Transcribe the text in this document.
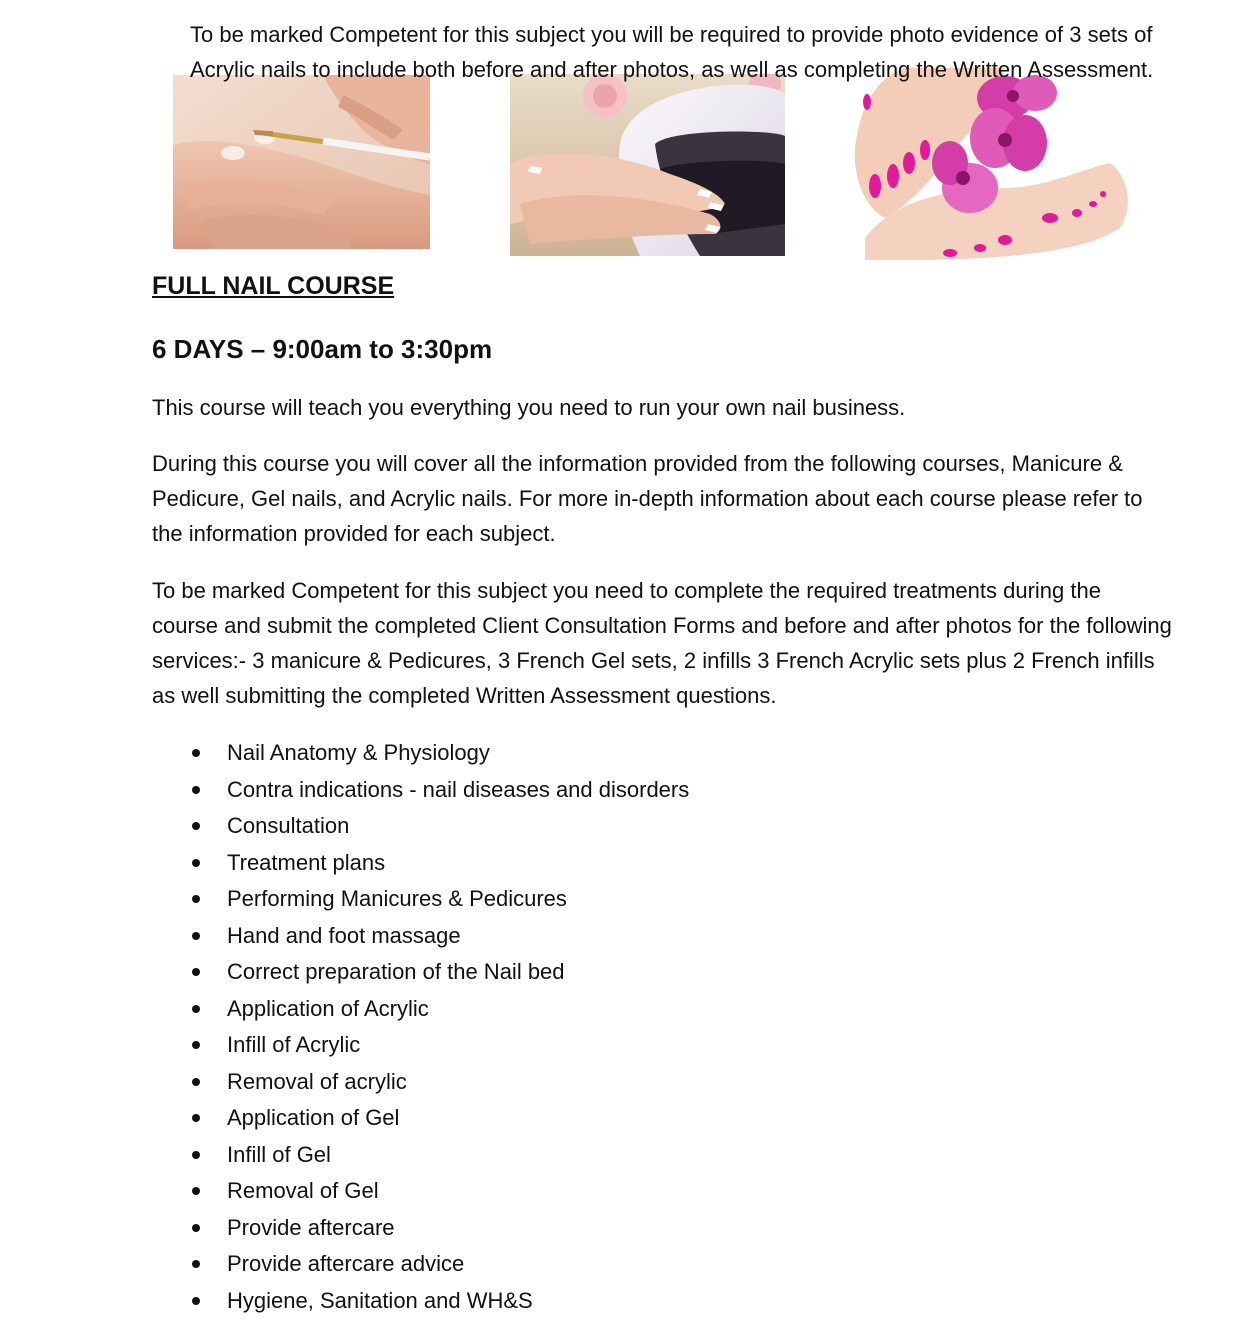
To be marked Competent for this subject you will be required to provide photo evidence of 3 sets of Acrylic nails to include both before and after photos, as well as completing the Written Assessment.
FULL NAIL COURSE
6 DAYS – 9:00am to 3:30pm
This course will teach you everything you need to run your own nail business.
During this course you will cover all the information provided from the following courses, Manicure & Pedicure, Gel nails, and Acrylic nails. For more in-depth information about each course please refer to the information provided for each subject.
To be marked Competent for this subject you need to complete the required treatments during the course and submit the completed Client Consultation Forms and before and after photos for the following services:- 3 manicure & Pedicures, 3 French Gel sets, 2 infills 3 French Acrylic sets plus 2 French infills as well submitting the completed Written Assessment questions.
Nail Anatomy & Physiology
Contra indications - nail diseases and disorders
Consultation
Treatment plans
Performing Manicures & Pedicures
Hand and foot massage
Correct preparation of the Nail bed
Application of Acrylic
Infill of Acrylic
Removal of acrylic
Application of Gel
Infill of Gel
Removal of Gel
Provide aftercare
Provide aftercare advice
Hygiene, Sanitation and WH&S
